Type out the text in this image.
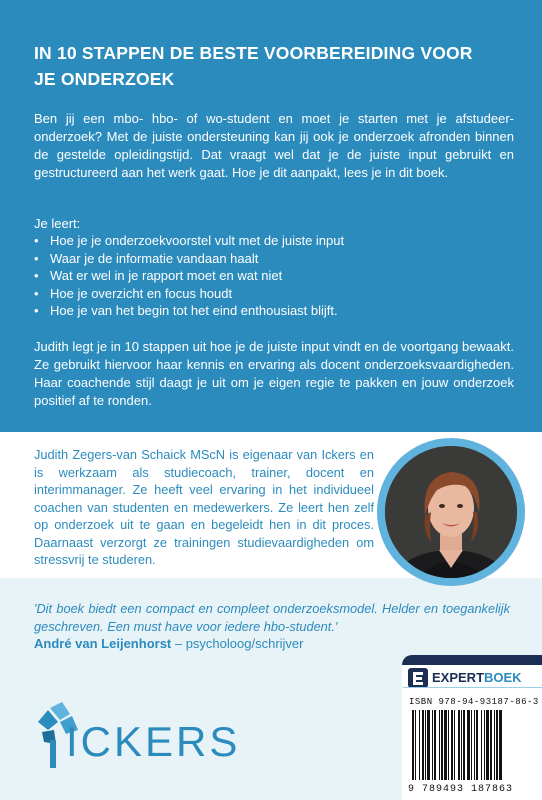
IN 10 STAPPEN DE BESTE VOORBEREIDING VOOR
JE ONDERZOEK
Ben jij een mbo- hbo- of wo-student en moet je starten met je afstudeer-onderzoek? Met de juiste ondersteuning kan jij ook je onderzoek afronden binnen de gestelde opleidingstijd. Dat vraagt wel dat je de juiste input gebruikt en gestructureerd aan het werk gaat. Hoe je dit aanpakt, lees je in dit boek.
Je leert:
• Hoe je je onderzoekvoorstel vult met de juiste input
• Waar je de informatie vandaan haalt
• Wat er wel in je rapport moet en wat niet
• Hoe je overzicht en focus houdt
• Hoe je van het begin tot het eind enthousiast blijft.
Judith legt je in 10 stappen uit hoe je de juiste input vindt en de voortgang bewaakt. Ze gebruikt hiervoor haar kennis en ervaring als docent onderzoeksvaardigheden. Haar coachende stijl daagt je uit om je eigen regie te pakken en jouw onderzoek positief af te ronden.
Judith Zegers-van Schaick MScN is eigenaar van Ickers en is werkzaam als studiecoach, trainer, docent en interimmanager. Ze heeft veel ervaring in het individueel coachen van studenten en medewerkers. Ze leert hen zelf op onderzoek uit te gaan en begeleidt hen in dit proces. Daarnaast verzorgt ze trainingen studievaardigheden om stressvrij te studeren.
'Dit boek biedt een compact en compleet onderzoeksmodel. Helder en toegankelijk geschreven. Een must have voor iedere hbo-student.'
André van Leijenhorst – psycholoog/schrijver
ICKERS
EXPERTBOEK
ISBN 978-94-93187-86-3
9 789493 187863
